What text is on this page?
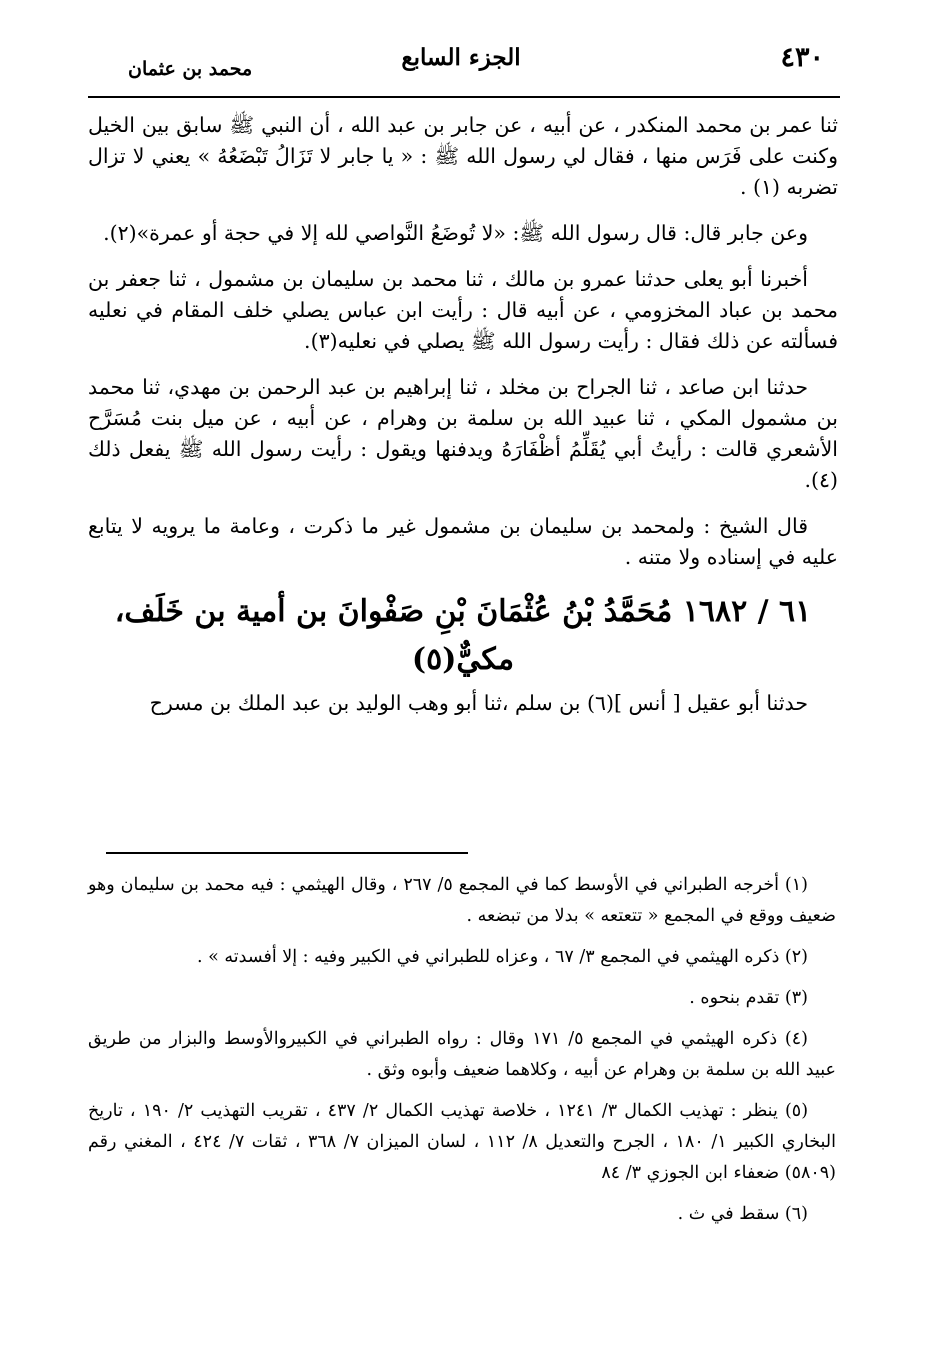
٤٣٠
الجزء السابع
محمد بن عثمان

ثنا عمر بن محمد المنكدر ، عن أبيه ، عن جابر بن عبد الله ، أن النبي ﷺ سابق بين الخيل وكنت على فَرَس منها ، فقال لي رسول الله ﷺ : « يا جابر لا تَزَالُ تَبْضَعُهُ » يعني لا تزال تضربه (١) .

وعن جابر قال: قال رسول الله ﷺ: «لا تُوضَعُ النَّواصي لله إلا في حجة أو عمرة»(٢).

أخبرنا أبو يعلى حدثنا عمرو بن مالك ، ثنا محمد بن سليمان بن مشمول ، ثنا جعفر بن محمد بن عباد المخزومي ، عن أبيه قال : رأيت ابن عباس يصلي خلف المقام في نعليه فسألته عن ذلك فقال : رأيت رسول الله ﷺ يصلي في نعليه(٣).

حدثنا ابن صاعد ، ثنا الجراح بن مخلد ، ثنا إبراهيم بن عبد الرحمن بن مهدي، ثنا محمد بن مشمول المكي ، ثنا عبيد الله بن سلمة بن وهرام ، عن أبيه ، عن ميل بنت مُسَرَّح الأشعري قالت : رأيتُ أبي يُقَلِّمُ أظْفَارَهُ ويدفنها ويقول : رأيت رسول الله ﷺ يفعل ذلك (٤).

قال الشيخ : ولمحمد بن سليمان بن مشمول غير ما ذكرت ، وعامة ما يرويه لا يتابع عليه في إسناده ولا متنه .

٦١ / ١٦٨٢ مُحَمَّدُ بْنُ عُثْمَانَ بْنِ صَفْوانَ بن أمية بن خَلَف، مكيٌّ(٥)

حدثنا أبو عقيل [ أنس ](٦) بن سلم ،ثنا أبو وهب الوليد بن عبد الملك بن مسرح

(١) أخرجه الطبراني في الأوسط كما في المجمع ٥/ ٢٦٧ ، وقال الهيثمي : فيه محمد بن سليمان وهو ضعيف ووقع في المجمع « تتعتعه » بدلا من تبضعه .

(٢) ذكره الهيثمي في المجمع ٣/ ٦٧ ، وعزاه للطبراني في الكبير وفيه : إلا أفسدته » .

(٣) تقدم بنحوه .

(٤) ذكره الهيثمي في المجمع ٥/ ١٧١ وقال : رواه الطبراني في الكبيروالأوسط والبزار من طريق عبيد الله بن سلمة بن وهرام عن أبيه ، وكلاهما ضعيف وأبوه وثق .

(٥) ينظر : تهذيب الكمال ٣/ ١٢٤١ ، خلاصة تهذيب الكمال ٢/ ٤٣٧ ، تقريب التهذيب ٢/ ١٩٠ ، تاريخ البخاري الكبير ١/ ١٨٠ ، الجرح والتعديل ٨/ ١١٢ ، لسان الميزان ٧/ ٣٦٨ ، ثقات ٧/ ٤٢٤ ، المغني رقم (٥٨٠٩) ضعفاء ابن الجوزي ٣/ ٨٤

(٦) سقط في ث .
